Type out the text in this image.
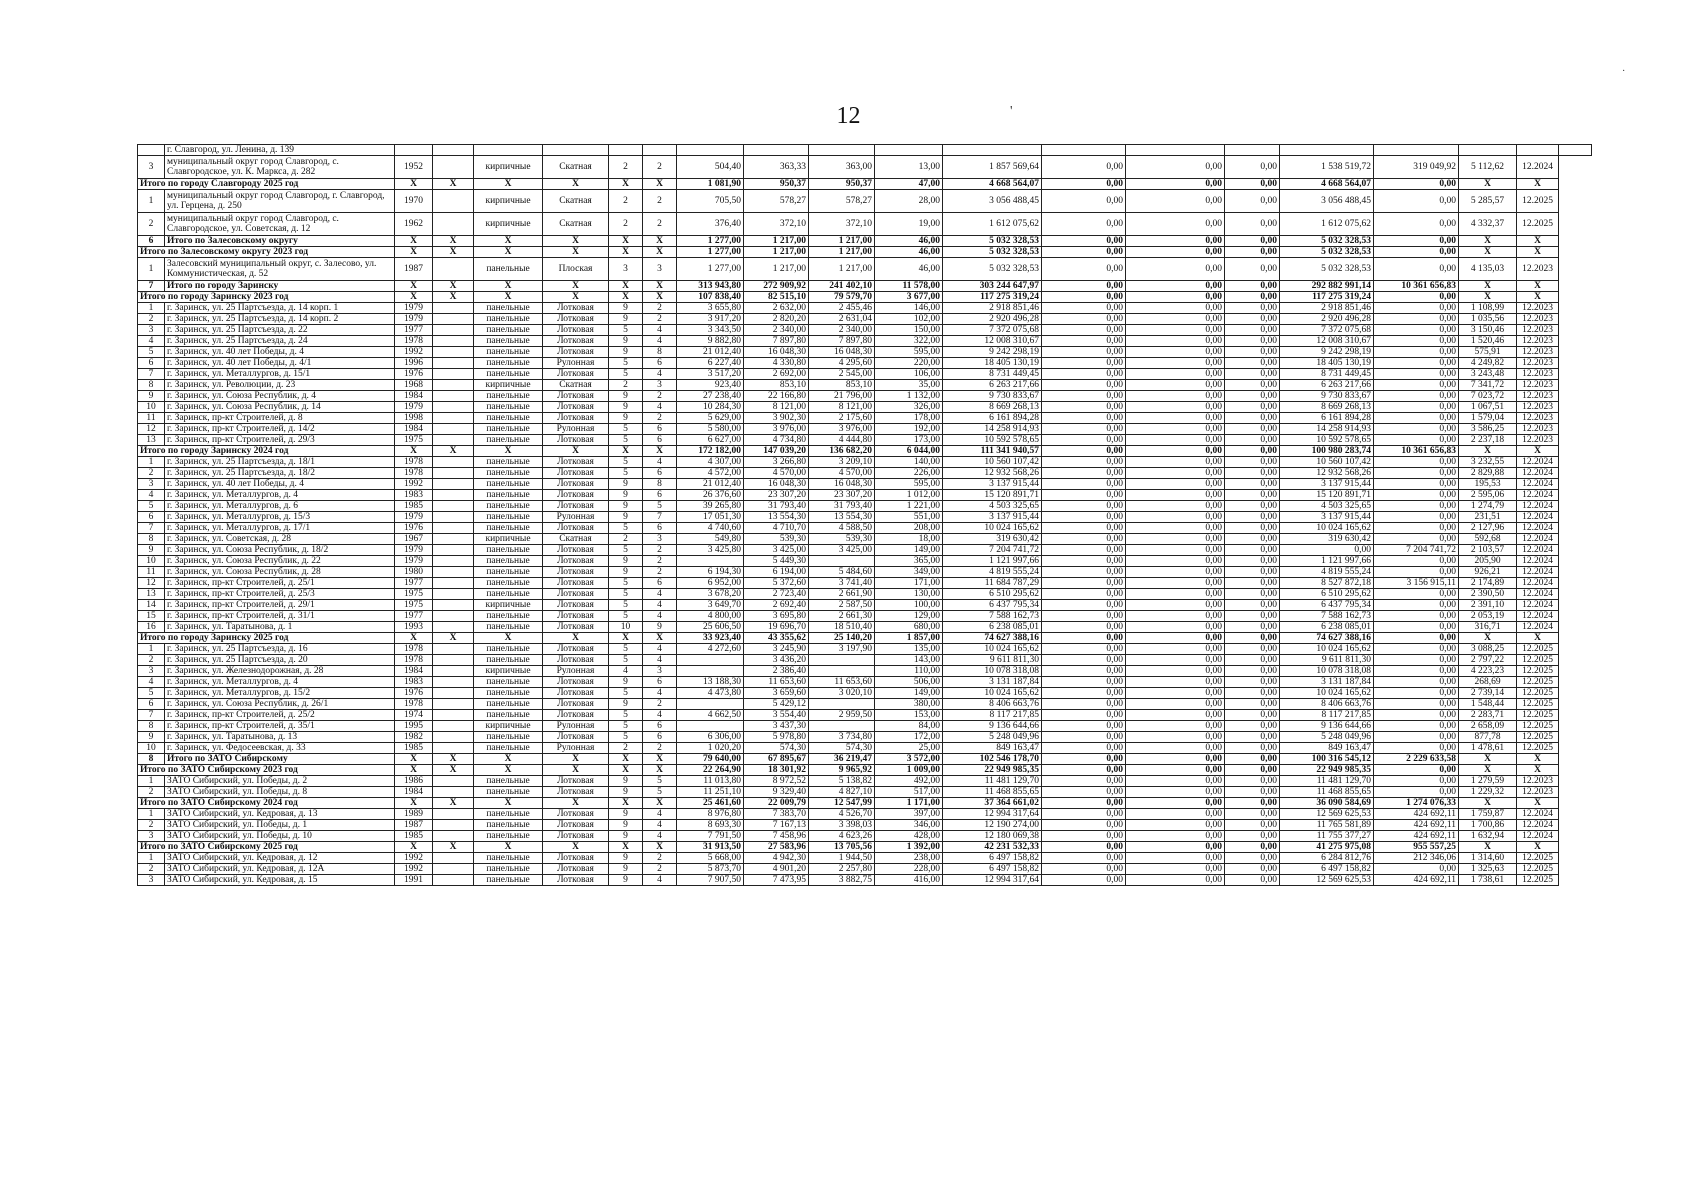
12	'
·
	г. Славгород, ул. Ленина, д. 139																			
3	муниципальный округ город Славгород, с. Славгородское, ул. К. Маркса, д. 282	1952		кирпичные	Скатная	2	2	504,40	363,33	363,00	13,00	1 857 569,64	0,00	0,00	0,00	1 538 519,72	319 049,92	5 112,62	12.2024	
Итого по городу Славгороду 2025 год		X	X	X	X	X	X	1 081,90	950,37	950,37	47,00	4 668 564,07	0,00	0,00	0,00	4 668 564,07	0,00	X	X	
1	муниципальный округ город Славгород, г. Славгород, ул. Герцена, д. 250	1970		кирпичные	Скатная	2	2	705,50	578,27	578,27	28,00	3 056 488,45	0,00	0,00	0,00	3 056 488,45	0,00	5 285,57	12.2025	
2	муниципальный округ город Славгород, с. Славгородское, ул. Советская, д. 12	1962		кирпичные	Скатная	2	2	376,40	372,10	372,10	19,00	1 612 075,62	0,00	0,00	0,00	1 612 075,62	0,00	4 332,37	12.2025	
6	Итого по Залесовскому округу	X	X	X	X	X	X	1 277,00	1 217,00	1 217,00	46,00	5 032 328,53	0,00	0,00	0,00	5 032 328,53	0,00	X	X	
Итого по Залесовскому округу 2023 год		X	X	X	X	X	X	1 277,00	1 217,00	1 217,00	46,00	5 032 328,53	0,00	0,00	0,00	5 032 328,53	0,00	X	X	
1	Залесовский муниципальный округ, с. Залесово, ул. Коммунистическая, д. 52	1987		панельные	Плоская	3	3	1 277,00	1 217,00	1 217,00	46,00	5 032 328,53	0,00	0,00	0,00	5 032 328,53	0,00	4 135,03	12.2023	
7	Итого по городу Заринску	X	X	X	X	X	X	313 943,80	272 909,92	241 402,10	11 578,00	303 244 647,97	0,00	0,00	0,00	292 882 991,14	10 361 656,83	X	X	
Итого по городу Заринску 2023 год		X	X	X	X	X	X	107 838,40	82 515,10	79 579,70	3 677,00	117 275 319,24	0,00	0,00	0,00	117 275 319,24	0,00	X	X	
1	г. Заринск, ул. 25 Партсъезда, д. 14 корп. 1	1979		панельные	Лотковая	9	2	3 655,80	2 632,00	2 455,46	146,00	2 918 851,46	0,00	0,00	0,00	2 918 851,46	0,00	1 108,99	12.2023	
2	г. Заринск, ул. 25 Партсъезда, д. 14 корп. 2	1979		панельные	Лотковая	9	2	3 917,20	2 820,20	2 631,04	102,00	2 920 496,28	0,00	0,00	0,00	2 920 496,28	0,00	1 035,56	12.2023	
3	г. Заринск, ул. 25 Партсъезда, д. 22	1977		панельные	Лотковая	5	4	3 343,50	2 340,00	2 340,00	150,00	7 372 075,68	0,00	0,00	0,00	7 372 075,68	0,00	3 150,46	12.2023	
4	г. Заринск, ул. 25 Партсъезда, д. 24	1978		панельные	Лотковая	9	4	9 882,80	7 897,80	7 897,80	322,00	12 008 310,67	0,00	0,00	0,00	12 008 310,67	0,00	1 520,46	12.2023	
5	г. Заринск, ул. 40 лет Победы, д. 4	1992		панельные	Лотковая	9	8	21 012,40	16 048,30	16 048,30	595,00	9 242 298,19	0,00	0,00	0,00	9 242 298,19	0,00	575,91	12.2023	
6	г. Заринск, ул. 40 лет Победы, д. 4/1	1996		панельные	Рулонная	5	6	6 227,40	4 330,80	4 295,60	220,00	18 405 130,19	0,00	0,00	0,00	18 405 130,19	0,00	4 249,82	12.2023	
7	г. Заринск, ул. Металлургов, д. 15/1	1976		панельные	Лотковая	5	4	3 517,20	2 692,00	2 545,00	106,00	8 731 449,45	0,00	0,00	0,00	8 731 449,45	0,00	3 243,48	12.2023	
8	г. Заринск, ул. Революции, д. 23	1968		кирпичные	Скатная	2	3	923,40	853,10	853,10	35,00	6 263 217,66	0,00	0,00	0,00	6 263 217,66	0,00	7 341,72	12.2023	
9	г. Заринск, ул. Союза Республик, д. 4	1984		панельные	Лотковая	9	2	27 238,40	22 166,80	21 796,00	1 132,00	9 730 833,67	0,00	0,00	0,00	9 730 833,67	0,00	7 023,72	12.2023	
10	г. Заринск, ул. Союза Республик, д. 14	1979		панельные	Лотковая	9	4	10 284,30	8 121,00	8 121,00	326,00	8 669 268,13	0,00	0,00	0,00	8 669 268,13	0,00	1 067,51	12.2023	
11	г. Заринск, пр-кт Строителей, д. 8	1998		панельные	Лотковая	9	2	5 629,00	3 902,30	2 175,60	178,00	6 161 894,28	0,00	0,00	0,00	6 161 894,28	0,00	1 579,04	12.2023	
12	г. Заринск, пр-кт Строителей, д. 14/2	1984		панельные	Рулонная	5	6	5 580,00	3 976,00	3 976,00	192,00	14 258 914,93	0,00	0,00	0,00	14 258 914,93	0,00	3 586,25	12.2023	
13	г. Заринск, пр-кт Строителей, д. 29/3	1975		панельные	Лотковая	5	6	6 627,00	4 734,80	4 444,80	173,00	10 592 578,65	0,00	0,00	0,00	10 592 578,65	0,00	2 237,18	12.2023	
Итого по городу Заринску 2024 год		X	X	X	X	X	X	172 182,00	147 039,20	136 682,20	6 044,00	111 341 940,57	0,00	0,00	0,00	100 980 283,74	10 361 656,83	X	X	
1	г. Заринск, ул. 25 Партсъезда, д. 18/1	1978		панельные	Лотковая	5	4	4 307,00	3 266,80	3 209,10	140,00	10 560 107,42	0,00	0,00	0,00	10 560 107,42	0,00	3 232,55	12.2024	
2	г. Заринск, ул. 25 Партсъезда, д. 18/2	1978		панельные	Лотковая	5	6	4 572,00	4 570,00	4 570,00	226,00	12 932 568,26	0,00	0,00	0,00	12 932 568,26	0,00	2 829,88	12.2024	
3	г. Заринск, ул. 40 лет Победы, д. 4	1992		панельные	Лотковая	9	8	21 012,40	16 048,30	16 048,30	595,00	3 137 915,44	0,00	0,00	0,00	3 137 915,44	0,00	195,53	12.2024	
4	г. Заринск, ул. Металлургов, д. 4	1983		панельные	Лотковая	9	6	26 376,60	23 307,20	23 307,20	1 012,00	15 120 891,71	0,00	0,00	0,00	15 120 891,71	0,00	2 595,06	12.2024	
5	г. Заринск, ул. Металлургов, д. 6	1985		панельные	Лотковая	9	5	39 265,80	31 793,40	31 793,40	1 221,00	4 503 325,65	0,00	0,00	0,00	4 503 325,65	0,00	1 274,79	12.2024	
6	г. Заринск, ул. Металлургов, д. 15/3	1979		панельные	Рулонная	9	7	17 051,30	13 554,30	13 554,30	551,00	3 137 915,44	0,00	0,00	0,00	3 137 915,44	0,00	231,51	12.2024	
7	г. Заринск, ул. Металлургов, д. 17/1	1976		панельные	Лотковая	5	6	4 740,60	4 710,70	4 588,50	208,00	10 024 165,62	0,00	0,00	0,00	10 024 165,62	0,00	2 127,96	12.2024	
8	г. Заринск, ул. Советская, д. 28	1967		кирпичные	Скатная	2	3	549,80	539,30	539,30	18,00	319 630,42	0,00	0,00	0,00	319 630,42	0,00	592,68	12.2024	
9	г. Заринск, ул. Союза Республик, д. 18/2	1979		панельные	Лотковая	5	2	3 425,80	3 425,00	3 425,00	149,00	7 204 741,72	0,00	0,00	0,00	0,00	7 204 741,72	2 103,57	12.2024	
10	г. Заринск, ул. Союза Республик, д. 22	1979		панельные	Лотковая	9	2		5 449,30		365,00	1 121 997,66	0,00	0,00	0,00	1 121 997,66	0,00	205,90	12.2024	
11	г. Заринск, ул. Союза Республик, д. 28	1980		панельные	Лотковая	9	2	6 194,30	6 194,00	5 484,60	349,00	4 819 555,24	0,00	0,00	0,00	4 819 555,24	0,00	926,21	12.2024	
12	г. Заринск, пр-кт Строителей, д. 25/1	1977		панельные	Лотковая	5	6	6 952,00	5 372,60	3 741,40	171,00	11 684 787,29	0,00	0,00	0,00	8 527 872,18	3 156 915,11	2 174,89	12.2024	
13	г. Заринск, пр-кт Строителей, д. 25/3	1975		панельные	Лотковая	5	4	3 678,20	2 723,40	2 661,90	130,00	6 510 295,62	0,00	0,00	0,00	6 510 295,62	0,00	2 390,50	12.2024	
14	г. Заринск, пр-кт Строителей, д. 29/1	1975		кирпичные	Лотковая	5	4	3 649,70	2 692,40	2 587,50	100,00	6 437 795,34	0,00	0,00	0,00	6 437 795,34	0,00	2 391,10	12.2024	
15	г. Заринск, пр-кт Строителей, д. 31/1	1977		панельные	Лотковая	5	4	4 800,00	3 695,80	2 661,30	129,00	7 588 162,73	0,00	0,00	0,00	7 588 162,73	0,00	2 053,19	12.2024	
16	г. Заринск, ул. Таратынова, д. 1	1993		панельные	Лотковая	10	9	25 606,50	19 696,70	18 510,40	680,00	6 238 085,01	0,00	0,00	0,00	6 238 085,01	0,00	316,71	12.2024	
Итого по городу Заринску 2025 год		X	X	X	X	X	X	33 923,40	43 355,62	25 140,20	1 857,00	74 627 388,16	0,00	0,00	0,00	74 627 388,16	0,00	X	X	
1	г. Заринск, ул. 25 Партсъезда, д. 16	1978		панельные	Лотковая	5	4	4 272,60	3 245,90	3 197,90	135,00	10 024 165,62	0,00	0,00	0,00	10 024 165,62	0,00	3 088,25	12.2025	
2	г. Заринск, ул. 25 Партсъезда, д. 20	1978		панельные	Лотковая	5	4		3 436,20		143,00	9 611 811,30	0,00	0,00	0,00	9 611 811,30	0,00	2 797,22	12.2025	
3	г. Заринск, ул. Железнодорожная, д. 28	1984		кирпичные	Рулонная	4	3		2 386,40		110,00	10 078 318,08	0,00	0,00	0,00	10 078 318,08	0,00	4 223,23	12.2025	
4	г. Заринск, ул. Металлургов, д. 4	1983		панельные	Лотковая	9	6	13 188,30	11 653,60	11 653,60	506,00	3 131 187,84	0,00	0,00	0,00	3 131 187,84	0,00	268,69	12.2025	
5	г. Заринск, ул. Металлургов, д. 15/2	1976		панельные	Лотковая	5	4	4 473,80	3 659,60	3 020,10	149,00	10 024 165,62	0,00	0,00	0,00	10 024 165,62	0,00	2 739,14	12.2025	
6	г. Заринск, ул. Союза Республик, д. 26/1	1978		панельные	Лотковая	9	2		5 429,12		380,00	8 406 663,76	0,00	0,00	0,00	8 406 663,76	0,00	1 548,44	12.2025	
7	г. Заринск, пр-кт Строителей, д. 25/2	1974		панельные	Лотковая	5	4	4 662,50	3 554,40	2 959,50	153,00	8 117 217,85	0,00	0,00	0,00	8 117 217,85	0,00	2 283,71	12.2025	
8	г. Заринск, пр-кт Строителей, д. 35/1	1995		кирпичные	Рулонная	5	6		3 437,30		84,00	9 136 644,66	0,00	0,00	0,00	9 136 644,66	0,00	2 658,09	12.2025	
9	г. Заринск, ул. Таратынова, д. 13	1982		панельные	Лотковая	5	6	6 306,00	5 978,80	3 734,80	172,00	5 248 049,96	0,00	0,00	0,00	5 248 049,96	0,00	877,78	12.2025	
10	г. Заринск, ул. Федосеевская, д. 33	1985		панельные	Рулонная	2	2	1 020,20	574,30	574,30	25,00	849 163,47	0,00	0,00	0,00	849 163,47	0,00	1 478,61	12.2025	
8	Итого по ЗАТО Сибирскому	X	X	X	X	X	X	79 640,00	67 895,67	36 219,47	3 572,00	102 546 178,70	0,00	0,00	0,00	100 316 545,12	2 229 633,58	X	X	
Итого по ЗАТО Сибирскому 2023 год		X	X	X	X	X	X	22 264,90	18 301,92	9 965,92	1 009,00	22 949 985,35	0,00	0,00	0,00	22 949 985,35	0,00	X	X	
1	ЗАТО Сибирский, ул. Победы, д. 2	1986		панельные	Лотковая	9	5	11 013,80	8 972,52	5 138,82	492,00	11 481 129,70	0,00	0,00	0,00	11 481 129,70	0,00	1 279,59	12.2023	
2	ЗАТО Сибирский, ул. Победы, д. 8	1984		панельные	Лотковая	9	5	11 251,10	9 329,40	4 827,10	517,00	11 468 855,65	0,00	0,00	0,00	11 468 855,65	0,00	1 229,32	12.2023	
Итого по ЗАТО Сибирскому 2024 год		X	X	X	X	X	X	25 461,60	22 009,79	12 547,99	1 171,00	37 364 661,02	0,00	0,00	0,00	36 090 584,69	1 274 076,33	X	X	
1	ЗАТО Сибирский, ул. Кедровая, д. 13	1989		панельные	Лотковая	9	4	8 976,80	7 383,70	4 526,70	397,00	12 994 317,64	0,00	0,00	0,00	12 569 625,53	424 692,11	1 759,87	12.2024	
2	ЗАТО Сибирский, ул. Победы, д. 1	1987		панельные	Лотковая	9	4	8 693,30	7 167,13	3 398,03	346,00	12 190 274,00	0,00	0,00	0,00	11 765 581,89	424 692,11	1 700,86	12.2024	
3	ЗАТО Сибирский, ул. Победы, д. 10	1985		панельные	Лотковая	9	4	7 791,50	7 458,96	4 623,26	428,00	12 180 069,38	0,00	0,00	0,00	11 755 377,27	424 692,11	1 632,94	12.2024	
Итого по ЗАТО Сибирскому 2025 год		X	X	X	X	X	X	31 913,50	27 583,96	13 705,56	1 392,00	42 231 532,33	0,00	0,00	0,00	41 275 975,08	955 557,25	X	X	
1	ЗАТО Сибирский, ул. Кедровая, д. 12	1992		панельные	Лотковая	9	2	5 668,00	4 942,30	1 944,50	238,00	6 497 158,82	0,00	0,00	0,00	6 284 812,76	212 346,06	1 314,60	12.2025	
2	ЗАТО Сибирский, ул. Кедровая, д. 12А	1992		панельные	Лотковая	9	2	5 873,70	4 901,20	2 257,80	228,00	6 497 158,82	0,00	0,00	0,00	6 497 158,82	0,00	1 325,63	12.2025	
3	ЗАТО Сибирский, ул. Кедровая, д. 15	1991		панельные	Лотковая	9	4	7 907,50	7 473,95	3 882,75	416,00	12 994 317,64	0,00	0,00	0,00	12 569 625,53	424 692,11	1 738,61	12.2025	
